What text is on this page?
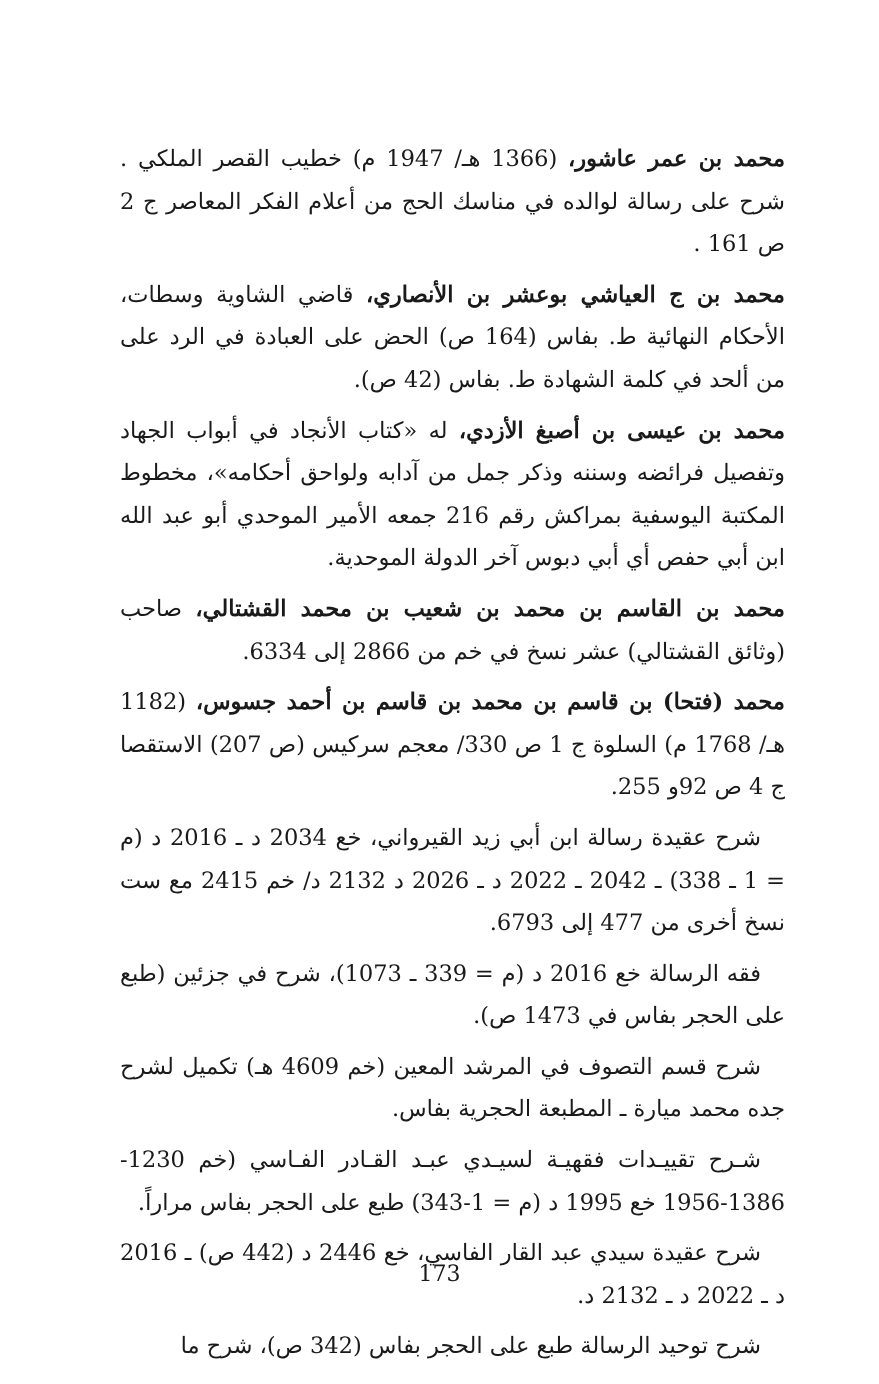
محمد بن عمر عاشور، (1366 هـ/ 1947 م) خطيب القصر الملكي . شرح على رسالة لوالده في مناسك الحج من أعلام الفكر المعاصر ج 2 ص 161 .

محمد بن ج العياشي بوعشر بن الأنصاري، قاضي الشاوية وسطات، الأحكام النهائية ط. بفاس (164 ص) الحض على العبادة في الرد على من ألحد في كلمة الشهادة ط. بفاس (42 ص).

محمد بن عيسى بن أصبغ الأزدي، له «كتاب الأنجاد في أبواب الجهاد وتفصيل فرائضه وسننه وذكر جمل من آدابه ولواحق أحكامه»، مخطوط المكتبة اليوسفية بمراكش رقم 216 جمعه الأمير الموحدي أبو عبد الله ابن أبي حفص أي أبي دبوس آخر الدولة الموحدية.

محمد بن القاسم بن محمد بن شعيب بن محمد القشتالي، صاحب (وثائق القشتالي) عشر نسخ في خم من 2866 إلى 6334.

محمد (فتحا) بن قاسم بن محمد بن قاسم بن أحمد جسوس، (1182 هـ/ 1768 م) السلوة ج 1 ص 330/ معجم سركيس (ص 207) الاستقصا ج 4 ص 92و 255.

شرح عقيدة رسالة ابن أبي زيد القيرواني، خع 2034 د ـ 2016 د (م = 1 ـ 338) ـ 2042 ـ 2022 د ـ 2026 د 2132 د/ خم 2415 مع ست نسخ أخرى من 477 إلى 6793.

فقه الرسالة خع 2016 د (م = 339 ـ 1073)، شرح في جزئين (طبع على الحجر بفاس في 1473 ص).

شرح قسم التصوف في المرشد المعين (خم 4609 هـ) تكميل لشرح جده محمد ميارة ـ المطبعة الحجرية بفاس.

شـرح تقييـدات فقهيـة لسيـدي عبـد القـادر الفـاسي (خم 1230-1386-1956 خع 1995 د (م = 1-343) طبع على الحجر بفاس مراراً.

شرح عقيدة سيدي عبد القار الفاسي، خع 2446 د (442 ص) ـ 2016 د ـ 2022 د ـ 2132 د.

شرح توحيد الرسالة طبع على الحجر بفاس (342 ص)، شرح ما

173
